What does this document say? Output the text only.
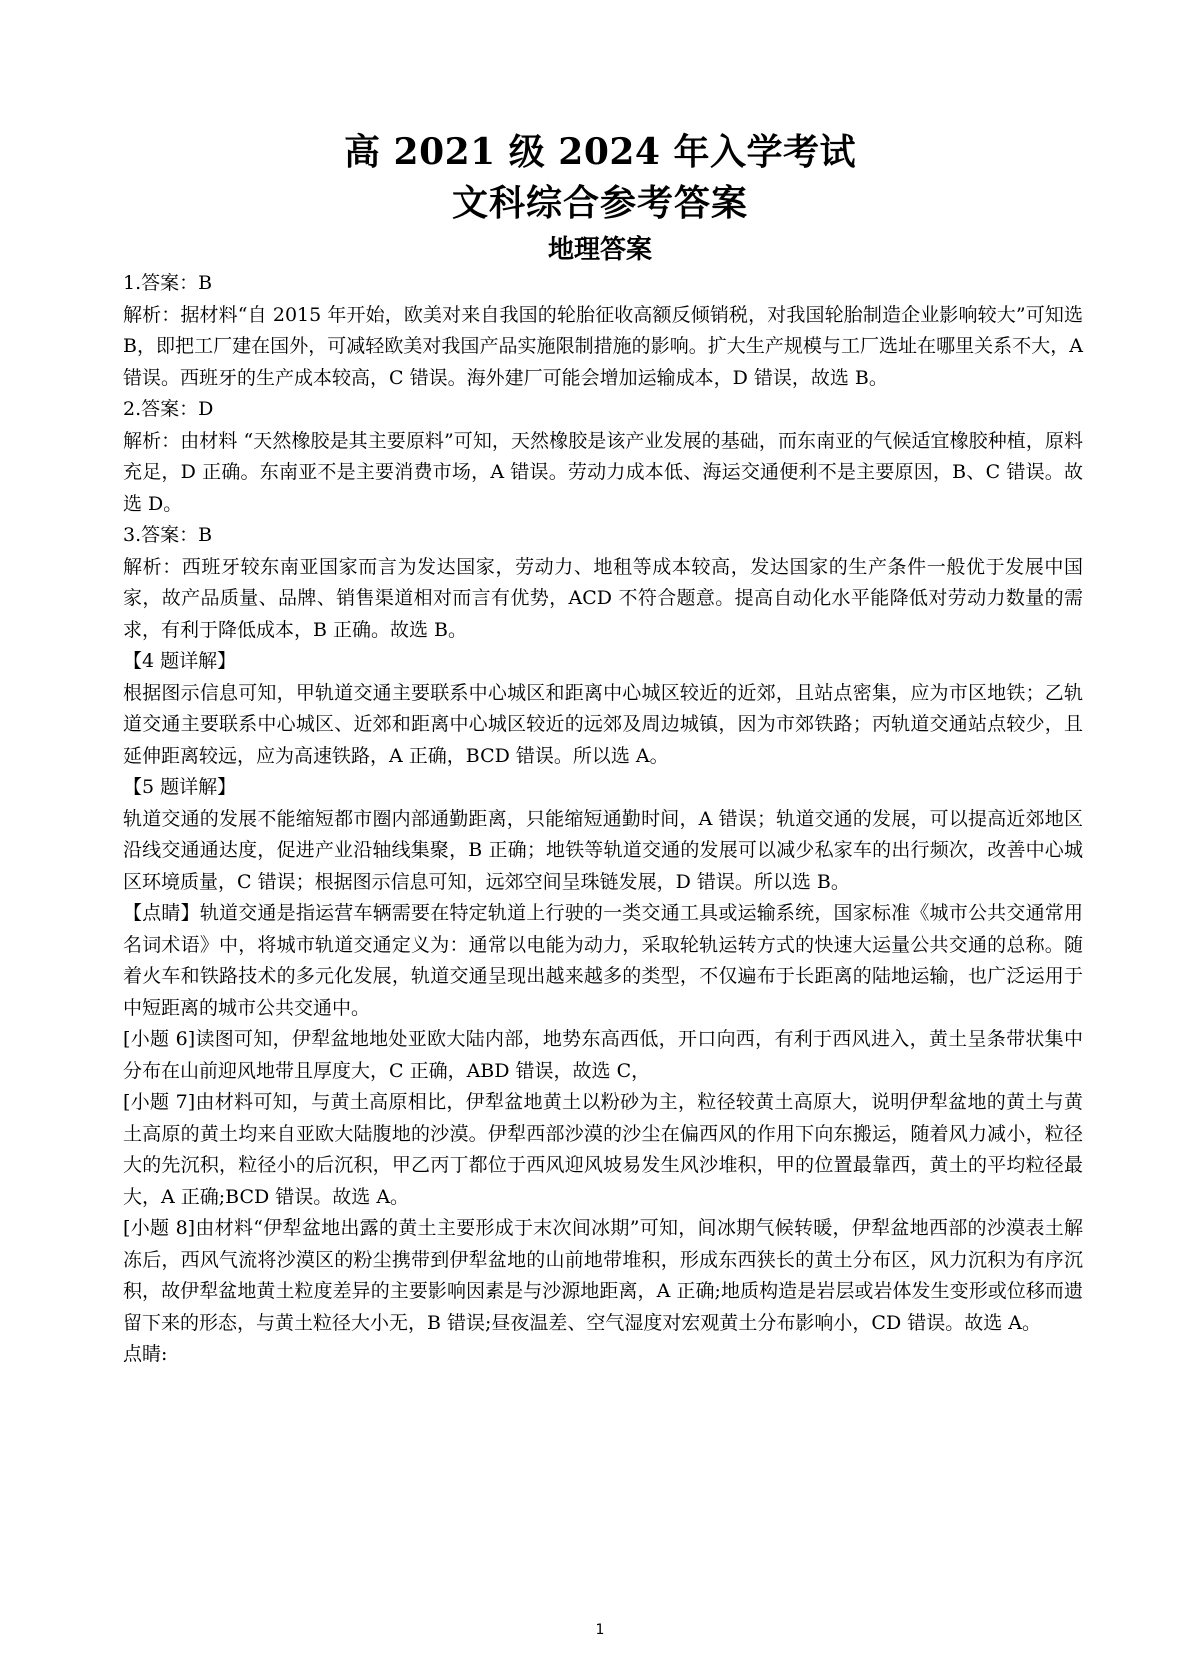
高 2021 级 2024 年入学考试
文科综合参考答案
地理答案

1.答案：B

解析：据材料“自 2015 年开始，欧美对来自我国的轮胎征收高额反倾销税，对我国轮胎制造企业影响较大”可知选 B，即把工厂建在国外，可减轻欧美对我国产品实施限制措施的影响。扩大生产规模与工厂选址在哪里关系不大，A 错误。西班牙的生产成本较高，C 错误。海外建厂可能会增加运输成本，D 错误，故选 B。

2.答案：D

解析：由材料 “天然橡胶是其主要原料”可知，天然橡胶是该产业发展的基础，而东南亚的气候适宜橡胶种植，原料充足，D 正确。东南亚不是主要消费市场，A 错误。劳动力成本低、海运交通便利不是主要原因，B、C 错误。故选 D。

3.答案：B

解析：西班牙较东南亚国家而言为发达国家，劳动力、地租等成本较高，发达国家的生产条件一般优于发展中国家，故产品质量、品牌、销售渠道相对而言有优势，ACD 不符合题意。提高自动化水平能降低对劳动力数量的需求，有利于降低成本，B 正确。故选 B。

【4 题详解】

根据图示信息可知，甲轨道交通主要联系中心城区和距离中心城区较近的近郊，且站点密集，应为市区地铁；乙轨道交通主要联系中心城区、近郊和距离中心城区较近的远郊及周边城镇，因为市郊铁路；丙轨道交通站点较少，且延伸距离较远，应为高速铁路，A 正确，BCD 错误。所以选 A。

【5 题详解】

轨道交通的发展不能缩短都市圈内部通勤距离，只能缩短通勤时间，A 错误；轨道交通的发展，可以提高近郊地区沿线交通通达度，促进产业沿轴线集聚，B 正确；地铁等轨道交通的发展可以减少私家车的出行频次，改善中心城区环境质量，C 错误；根据图示信息可知，远郊空间呈珠链发展，D 错误。所以选 B。

【点睛】轨道交通是指运营车辆需要在特定轨道上行驶的一类交通工具或运输系统，国家标准《城市公共交通常用名词术语》中，将城市轨道交通定义为：通常以电能为动力，采取轮轨运转方式的快速大运量公共交通的总称。随着火车和铁路技术的多元化发展，轨道交通呈现出越来越多的类型，不仅遍布于长距离的陆地运输，也广泛运用于中短距离的城市公共交通中。

[小题 6]读图可知，伊犁盆地地处亚欧大陆内部，地势东高西低，开口向西，有利于西风进入，黄土呈条带状集中分布在山前迎风地带且厚度大，C 正确，ABD 错误，故选 C，

[小题 7]由材料可知，与黄土高原相比，伊犁盆地黄土以粉砂为主，粒径较黄土高原大，说明伊犁盆地的黄土与黄土高原的黄土均来自亚欧大陆腹地的沙漠。伊犁西部沙漠的沙尘在偏西风的作用下向东搬运，随着风力减小，粒径大的先沉积，粒径小的后沉积，甲乙丙丁都位于西风迎风坡易发生风沙堆积，甲的位置最靠西，黄土的平均粒径最大，A 正确;BCD 错误。故选 A。

[小题 8]由材料“伊犁盆地出露的黄土主要形成于末次间冰期”可知，间冰期气候转暖，伊犁盆地西部的沙漠表土解冻后，西风气流将沙漠区的粉尘携带到伊犁盆地的山前地带堆积，形成东西狭长的黄土分布区，风力沉积为有序沉积，故伊犁盆地黄土粒度差异的主要影响因素是与沙源地距离，A 正确;地质构造是岩层或岩体发生变形或位移而遗留下来的形态，与黄土粒径大小无，B 错误;昼夜温差、空气湿度对宏观黄土分布影响小，CD 错误。故选 A。

点睛:

1
